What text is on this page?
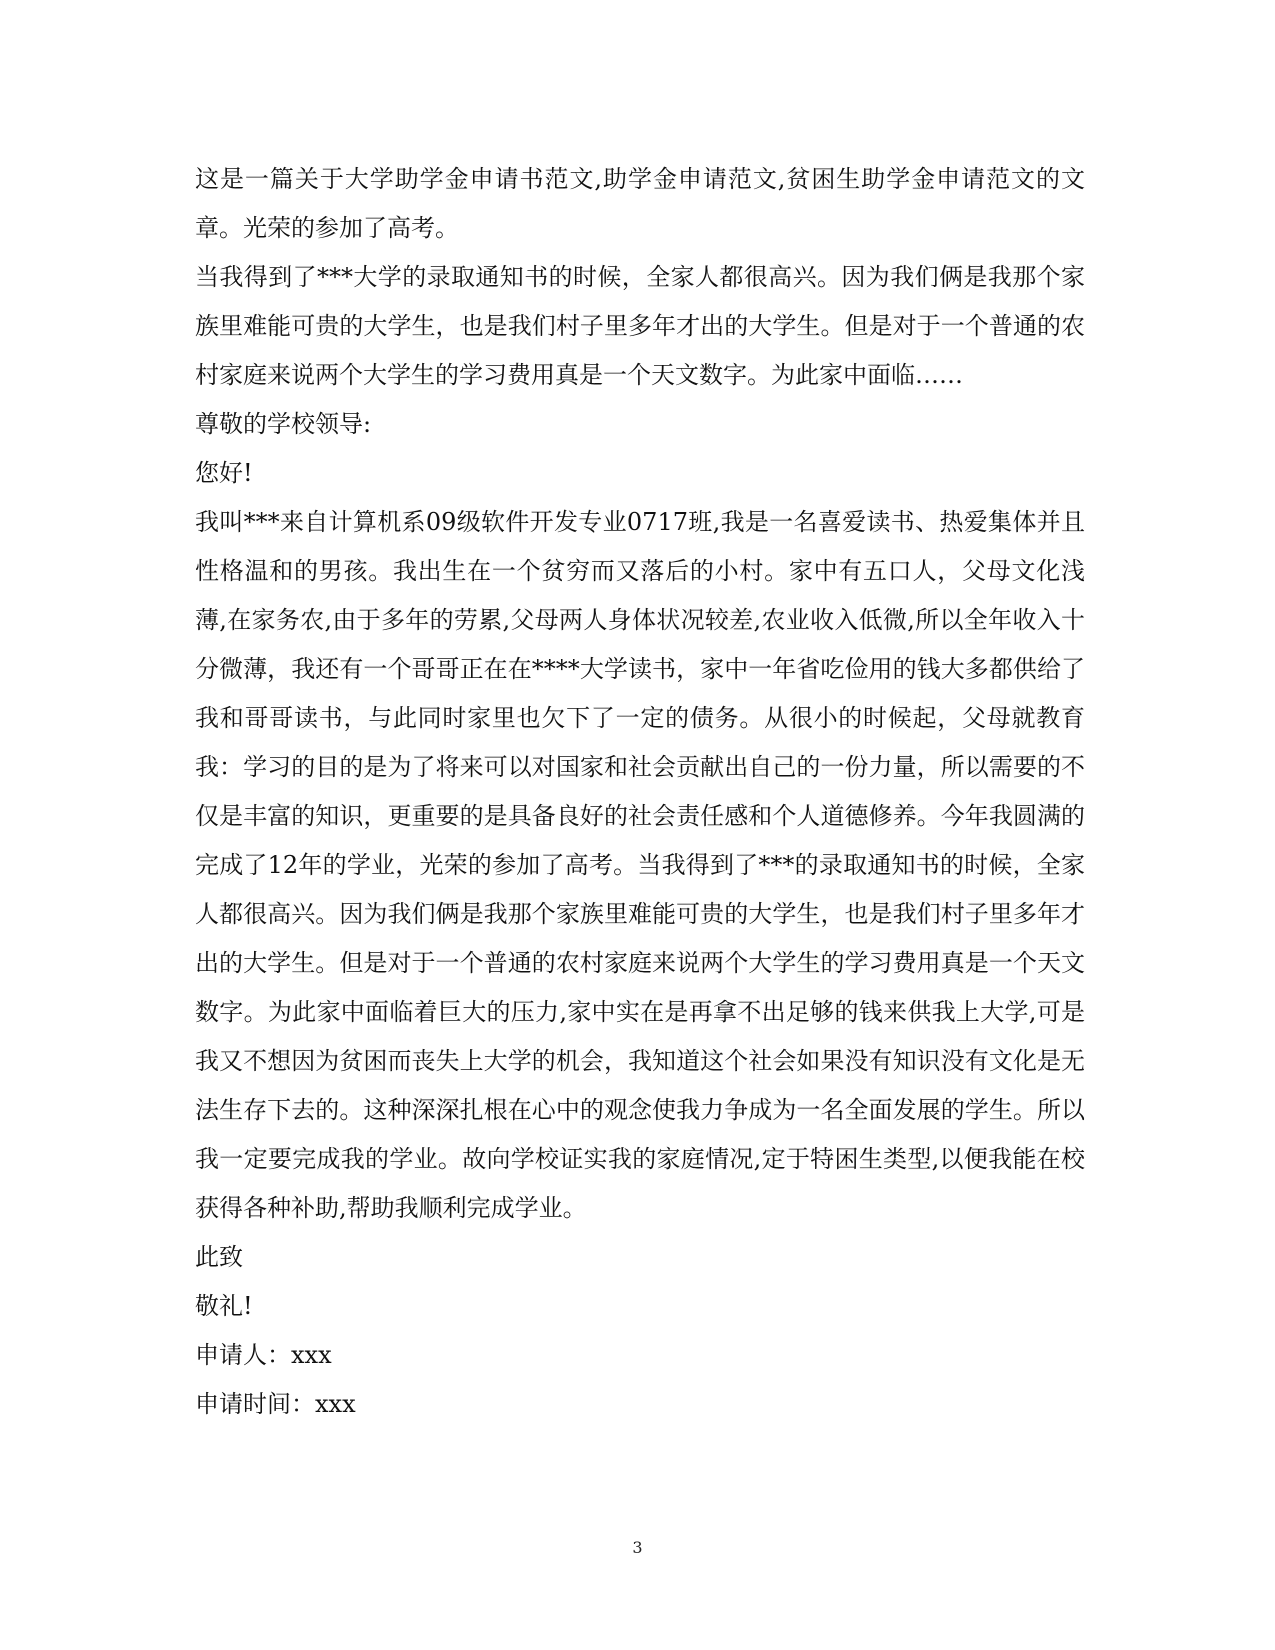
这是一篇关于大学助学金申请书范文,助学金申请范文,贫困生助学金申请范文的文章。光荣的参加了高考。

当我得到了***大学的录取通知书的时候，全家人都很高兴。因为我们俩是我那个家族里难能可贵的大学生，也是我们村子里多年才出的大学生。但是对于一个普通的农村家庭来说两个大学生的学习费用真是一个天文数字。为此家中面临……

尊敬的学校领导:

您好!

我叫***来自计算机系09级软件开发专业0717班,我是一名喜爱读书、热爱集体并且性格温和的男孩。我出生在一个贫穷而又落后的小村。家中有五口人，父母文化浅薄,在家务农,由于多年的劳累,父母两人身体状况较差,农业收入低微,所以全年收入十分微薄，我还有一个哥哥正在在****大学读书，家中一年省吃俭用的钱大多都供给了我和哥哥读书，与此同时家里也欠下了一定的债务。从很小的时候起，父母就教育我：学习的目的是为了将来可以对国家和社会贡献出自己的一份力量，所以需要的不仅是丰富的知识，更重要的是具备良好的社会责任感和个人道德修养。今年我圆满的完成了12年的学业，光荣的参加了高考。当我得到了***的录取通知书的时候，全家人都很高兴。因为我们俩是我那个家族里难能可贵的大学生，也是我们村子里多年才出的大学生。但是对于一个普通的农村家庭来说两个大学生的学习费用真是一个天文数字。为此家中面临着巨大的压力,家中实在是再拿不出足够的钱来供我上大学,可是我又不想因为贫困而丧失上大学的机会，我知道这个社会如果没有知识没有文化是无法生存下去的。这种深深扎根在心中的观念使我力争成为一名全面发展的学生。所以我一定要完成我的学业。故向学校证实我的家庭情况,定于特困生类型,以便我能在校获得各种补助,帮助我顺利完成学业。

此致

敬礼!

申请人：xxx

申请时间：xxx

3
